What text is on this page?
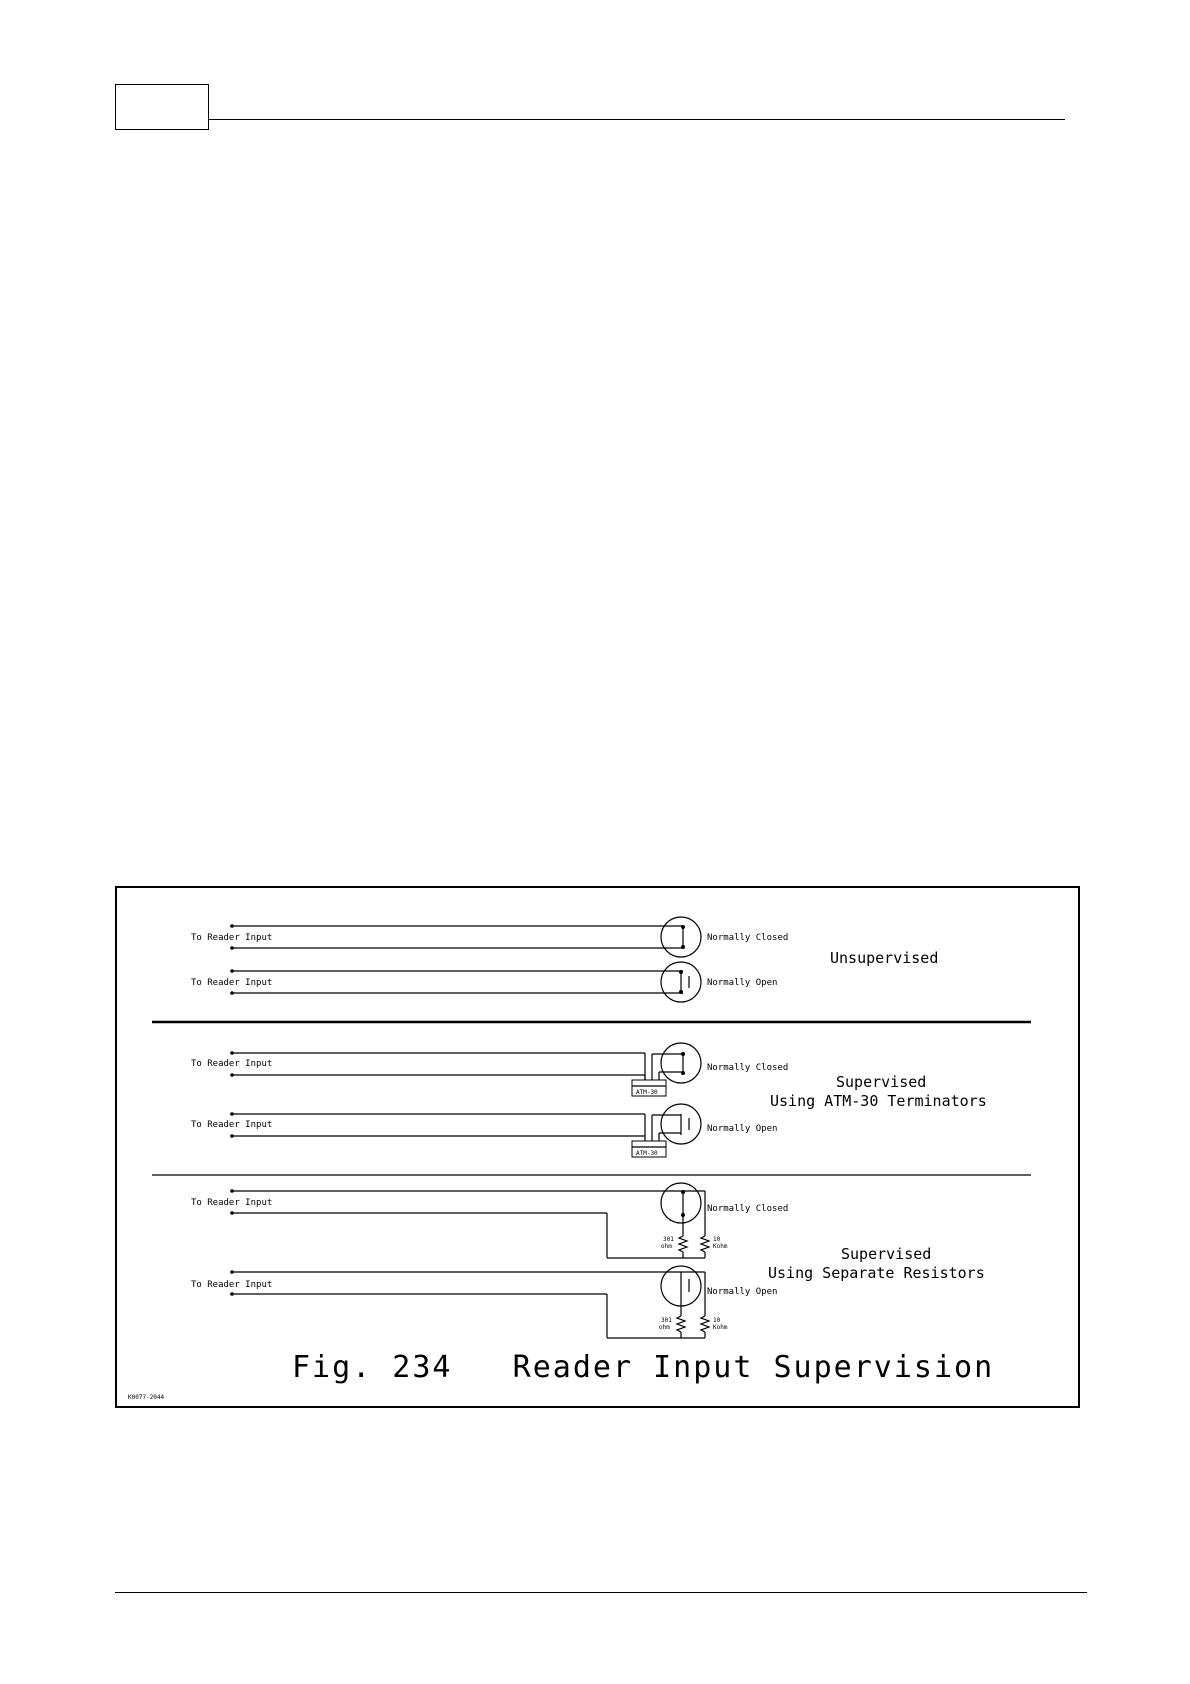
To Reader Input	Normally Closed
To Reader Input	Normally Open
Unsupervised
ATM-30
To Reader Input	Normally Closed
ATM-30
To Reader Input	Normally Open
Supervised
Using ATM-30 Terminators
301
ohm
10
Kohm
To Reader Input
Normally Closed
301
ohm
10
Kohm
To Reader Input
Normally Open
Supervised
Using Separate Resistors
Fig. 234   Reader Input Supervision
K0077-2044
